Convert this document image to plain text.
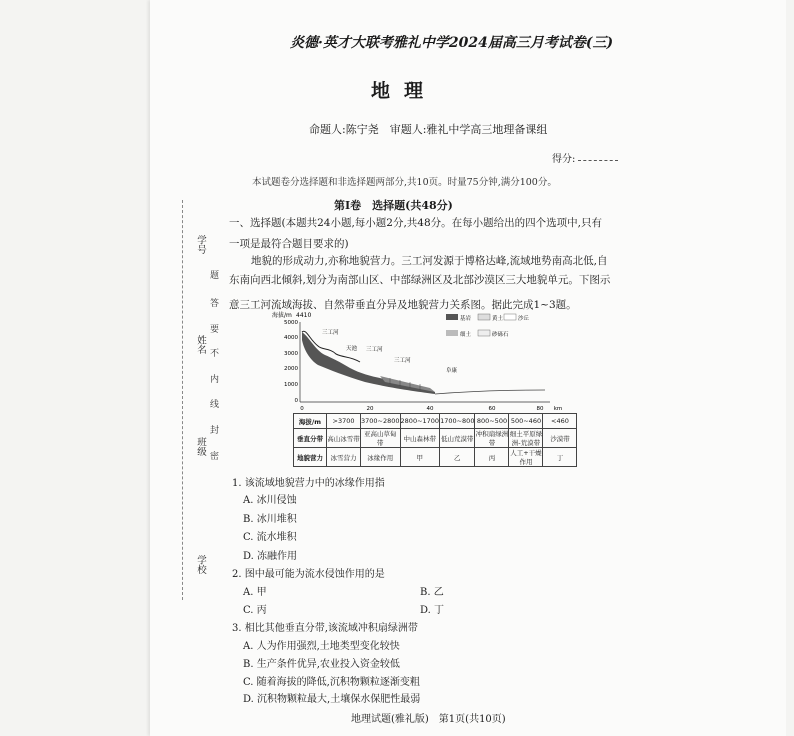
学号
姓名
班级
学校
题
答
要
不
内
线
封
密
炎德·英才大联考雅礼中学2024届高三月考试卷(三)
地理
命题人:陈宁尧　审题人:雅礼中学高三地理备课组
得分:
本试题卷分选择题和非选择题两部分,共10页。时量75分钟,满分100分。
第Ⅰ卷　选择题(共48分)
一、选择题(本题共24小题,每小题2分,共48分。在每小题给出的四个选项中,只有
一项是最符合题目要求的)
地貌的形成动力,亦称地貌营力。三工河发源于博格达峰,流域地势南高北低,自
东南向西北倾斜,划分为南部山区、中部绿洲区及北部沙漠区三大地貌单元。下图示
意三工河流域海拔、自然带垂直分异及地貌营力关系图。据此完成1~3题。
海拔/m 4410
5000
4000
3000
2000
1000
0
0	20	40	60	80 km
三工河
天池 三工河
三工河
阜康
基岩	黄土	沙丘
细土	砂砾石
海拔/m	>3700	3700~2800	2800~1700	1700~800	800~500	500~460	<460
垂直分带	高山冰雪带	亚高山草甸带	中山森林带	低山荒漠带	冲积扇绿洲带	细土平原绿洲-荒漠带	沙漠带
地貌营力	冰雪营力	冰缘作用	甲	乙	丙	人工+干燥作用	丁
1. 该流域地貌营力中的冰缘作用指
A. 冰川侵蚀
B. 冰川堆积
C. 流水堆积
D. 冻融作用
2. 图中最可能为流水侵蚀作用的是
A. 甲	B. 乙
C. 丙	D. 丁
3. 相比其他垂直分带,该流域冲积扇绿洲带
A. 人为作用强烈,土地类型变化较快
B. 生产条件优异,农业投入资金较低
C. 随着海拔的降低,沉积物颗粒逐渐变粗
D. 沉积物颗粒最大,土壤保水保肥性最弱
地理试题(雅礼版)　第1页(共10页)
